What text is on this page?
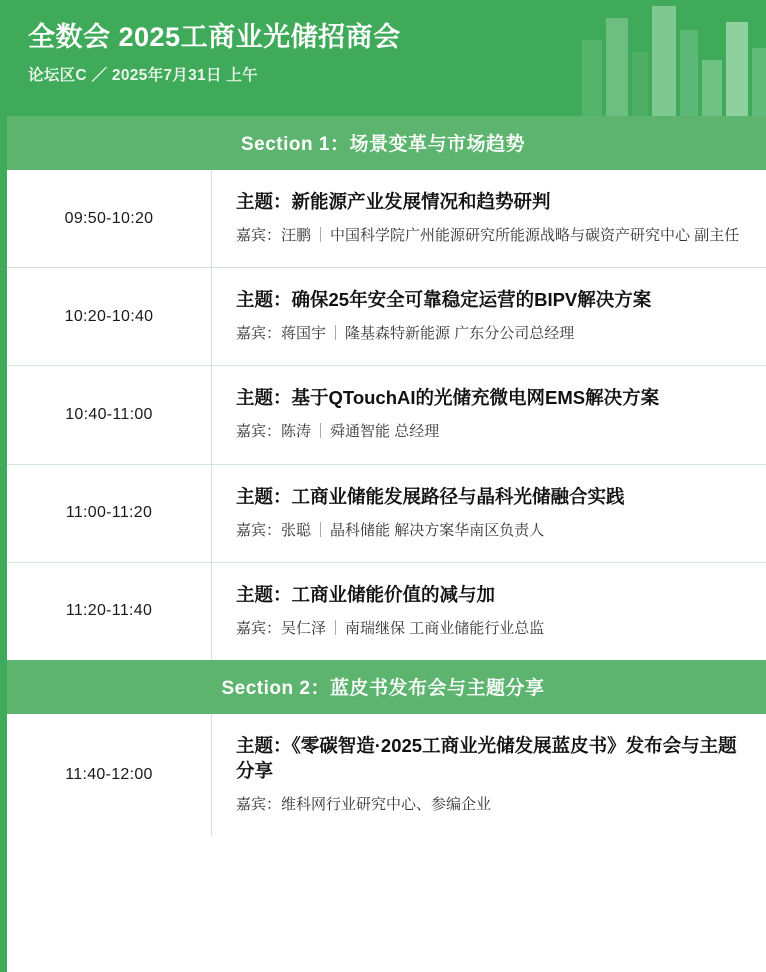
全数会 2025工商业光储招商会
论坛区C ／ 2025年7月31日 上午
Section 1：场景变革与市场趋势
09:50-10:20
主题：新能源产业发展情况和趋势研判
嘉宾：汪鹏 ｜ 中国科学院广州能源研究所能源战略与碳资产研究中心 副主任
10:20-10:40
主题：确保25年安全可靠稳定运营的BIPV解决方案
嘉宾：蒋国宇 ｜ 隆基森特新能源 广东分公司总经理
10:40-11:00
主题：基于QTouchAI的光储充微电网EMS解决方案
嘉宾：陈涛 ｜ 舜通智能 总经理
11:00-11:20
主题：工商业储能发展路径与晶科光储融合实践
嘉宾：张聪 ｜ 晶科储能 解决方案华南区负责人
11:20-11:40
主题：工商业储能价值的减与加
嘉宾：吴仁泽 ｜ 南瑞继保 工商业储能行业总监
Section 2：蓝皮书发布会与主题分享
11:40-12:00
主题：《零碳智造·2025工商业光储发展蓝皮书》发布会与主题分享
嘉宾：维科网行业研究中心、参编企业
